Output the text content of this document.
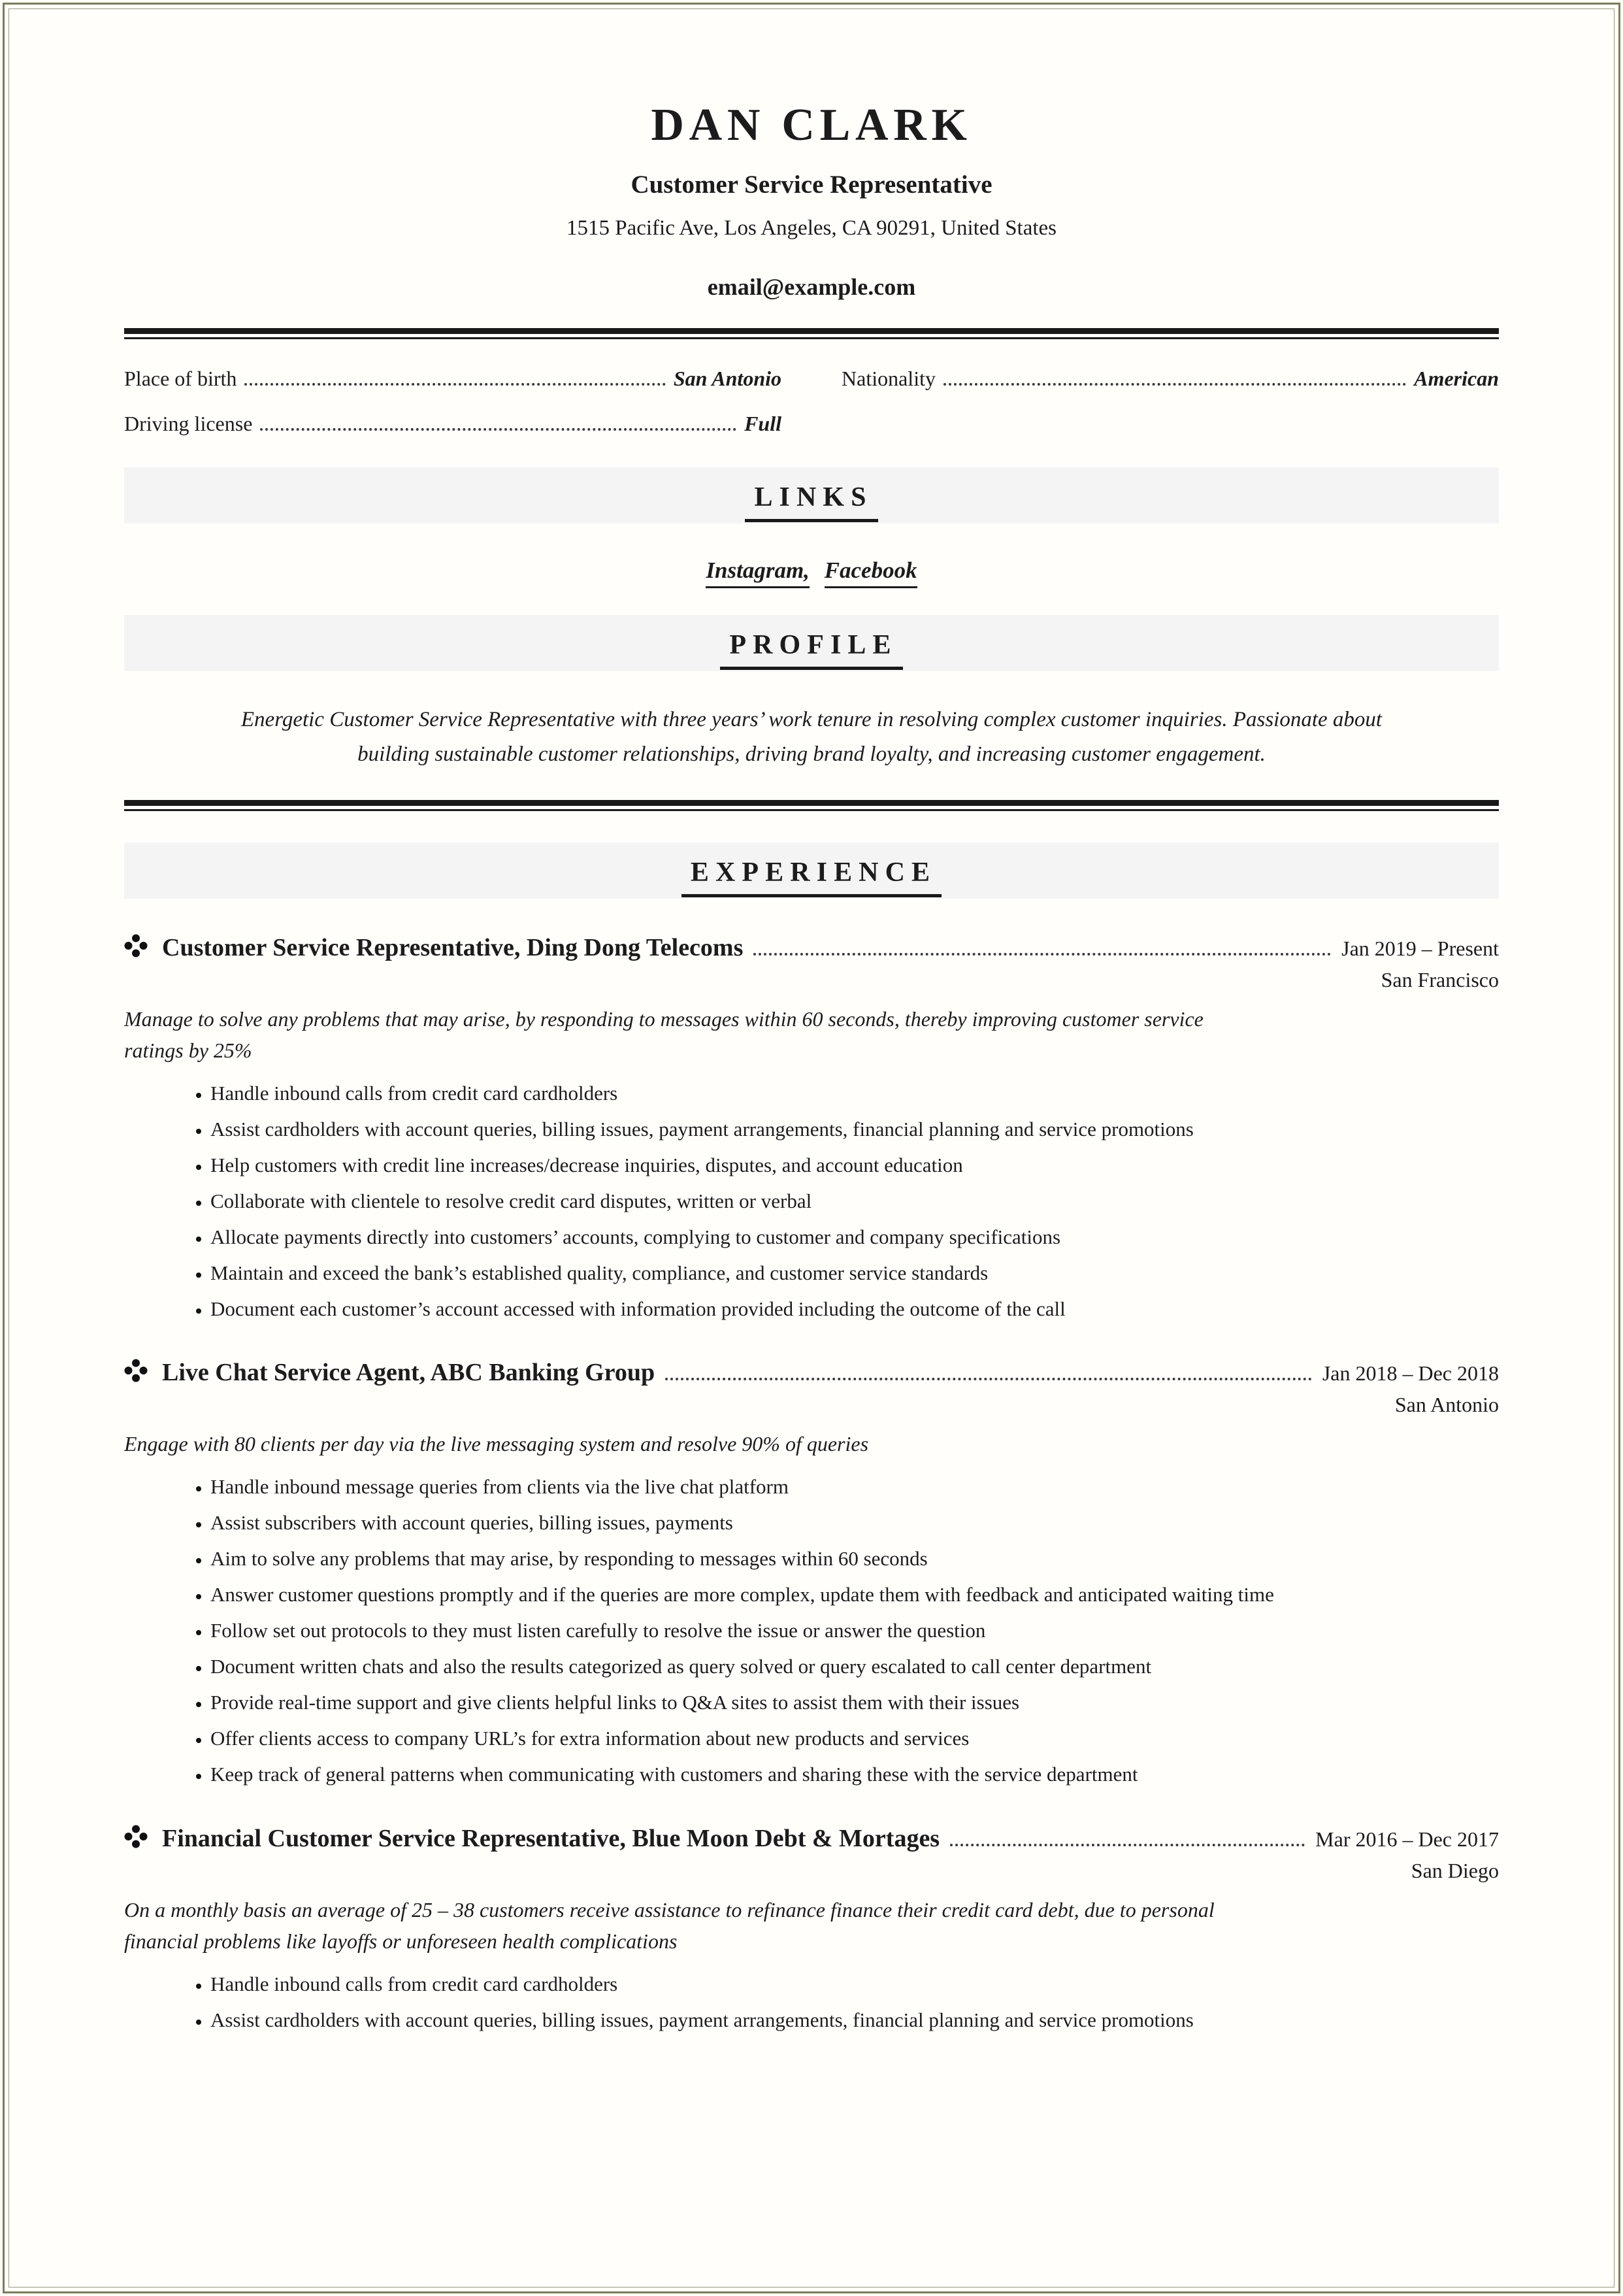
DAN CLARK
Customer Service Representative
1515 Pacific Ave, Los Angeles, CA 90291, United States
email@example.com
Place of birth	San Antonio	Nationality	American
Driving license	Full
LINKS
Instagram , Facebook
PROFILE

Energetic Customer Service Representative with three years’ work tenure in resolving complex customer inquiries. Passionate about building sustainable customer relationships, driving brand loyalty, and increasing customer engagement.

EXPERIENCE
Customer Service Representative, Ding Dong Telecoms	Jan 2019 – Present
San Francisco

Manage to solve any problems that may arise, by responding to messages within 60 seconds, thereby improving customer service ratings by 25%

• Handle inbound calls from credit card cardholders
• Assist cardholders with account queries, billing issues, payment arrangements, financial planning and service promotions
• Help customers with credit line increases/decrease inquiries, disputes, and account education
• Collaborate with clientele to resolve credit card disputes, written or verbal
• Allocate payments directly into customers’ accounts, complying to customer and company specifications
• Maintain and exceed the bank’s established quality, compliance, and customer service standards
• Document each customer’s account accessed with information provided including the outcome of the call
Live Chat Service Agent, ABC Banking Group	Jan 2018 – Dec 2018
San Antonio

Engage with 80 clients per day via the live messaging system and resolve 90% of queries

• Handle inbound message queries from clients via the live chat platform
• Assist subscribers with account queries, billing issues, payments
• Aim to solve any problems that may arise, by responding to messages within 60 seconds
• Answer customer questions promptly and if the queries are more complex, update them with feedback and anticipated waiting time
• Follow set out protocols to they must listen carefully to resolve the issue or answer the question
• Document written chats and also the results categorized as query solved or query escalated to call center department
• Provide real-time support and give clients helpful links to Q&A sites to assist them with their issues
• Offer clients access to company URL’s for extra information about new products and services
• Keep track of general patterns when communicating with customers and sharing these with the service department
Financial Customer Service Representative, Blue Moon Debt & Mortages	Mar 2016 – Dec 2017
San Diego

On a monthly basis an average of 25 – 38 customers receive assistance to refinance finance their credit card debt, due to personal financial problems like layoffs or unforeseen health complications

• Handle inbound calls from credit card cardholders
• Assist cardholders with account queries, billing issues, payment arrangements, financial planning and service promotions
